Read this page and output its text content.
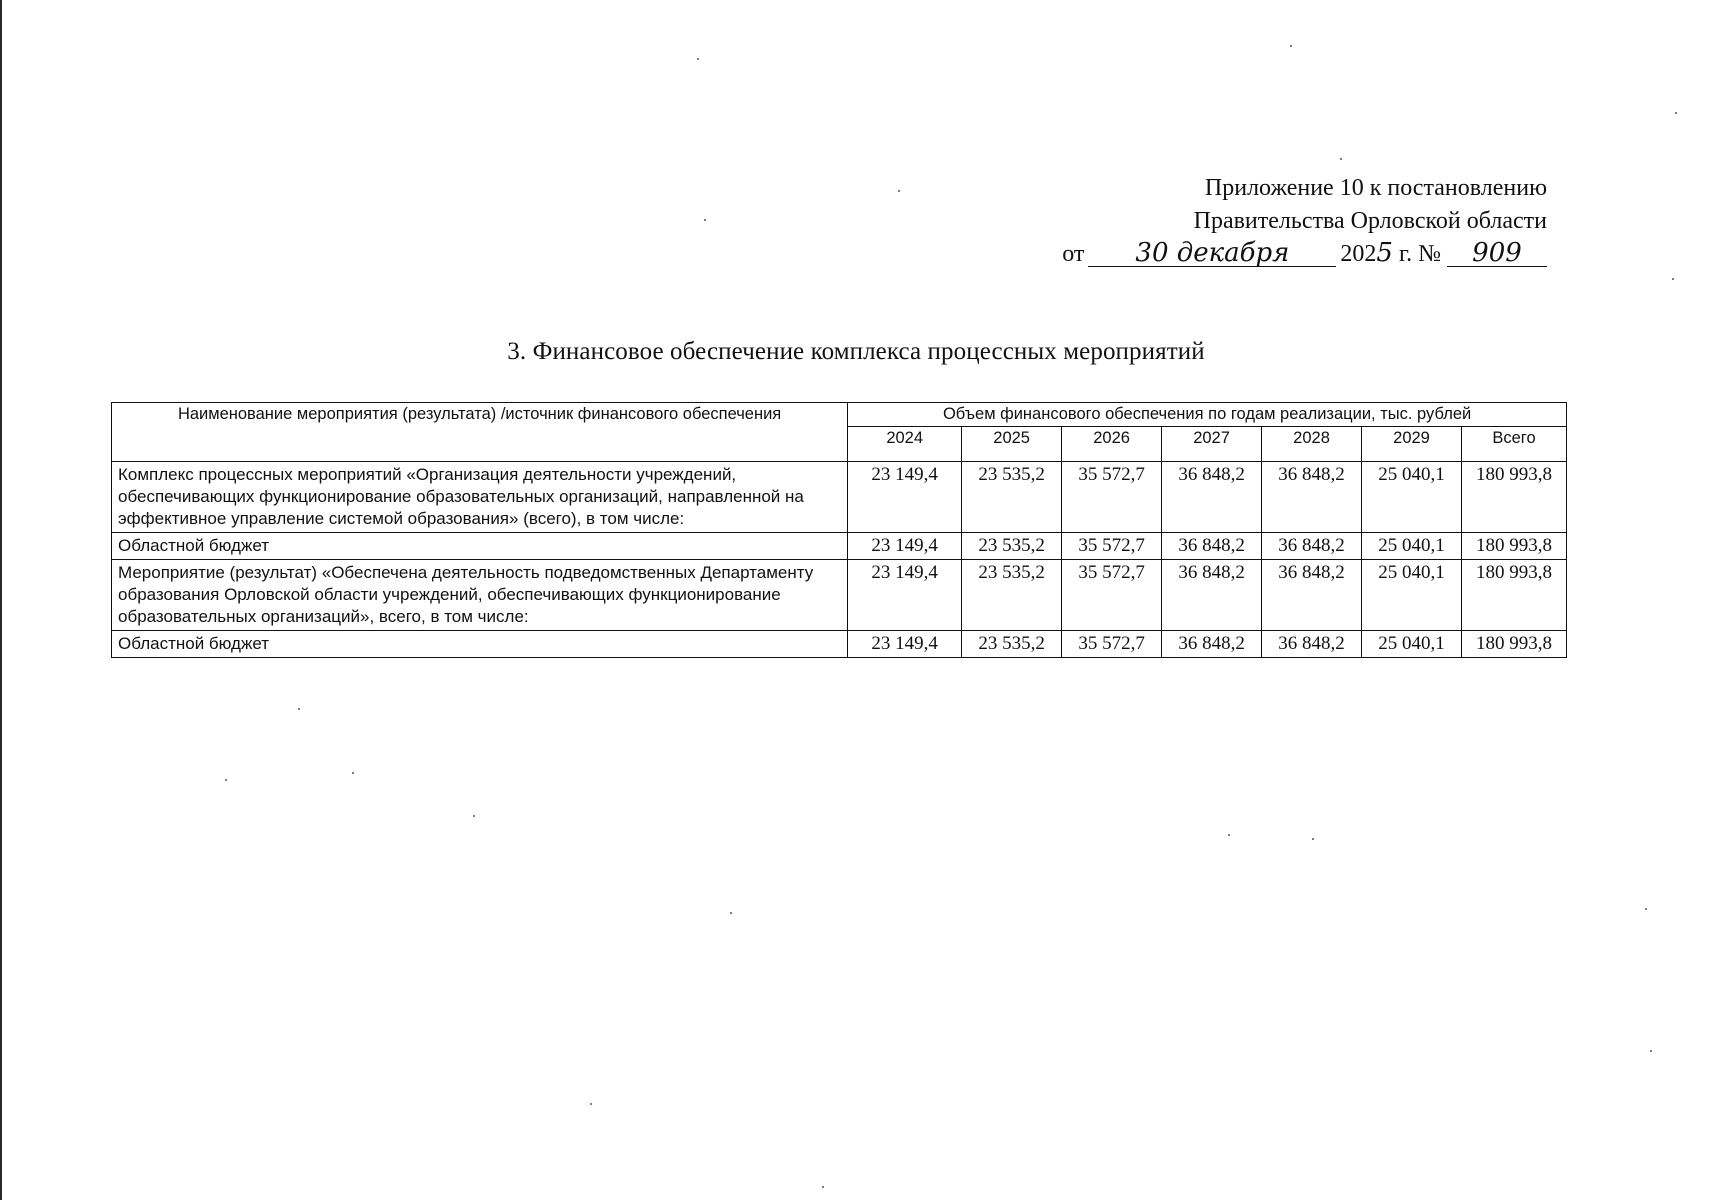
Приложение 10 к постановлению
Правительства Орловской области
от 30 декабря 2025 г. № 909
3. Финансовое обеспечение комплекса процессных мероприятий
Наименование мероприятия (результата) /источник финансового обеспечения	Объем финансового обеспечения по годам реализации, тыс. рублей						
	2024	2025	2026	2027	2028	2029	Всего
Комплекс процессных мероприятий «Организация деятельности учреждений, обеспечивающих функционирование образовательных организаций, направленной на эффективное управление системой образования» (всего), в том числе:	23 149,4	23 535,2	35 572,7	36 848,2	36 848,2	25 040,1	180 993,8
Областной бюджет	23 149,4	23 535,2	35 572,7	36 848,2	36 848,2	25 040,1	180 993,8
Мероприятие (результат) «Обеспечена деятельность подведомственных Департаменту образования Орловской области учреждений, обеспечивающих функционирование образовательных организаций», всего, в том числе:	23 149,4	23 535,2	35 572,7	36 848,2	36 848,2	25 040,1	180 993,8
Областной бюджет	23 149,4	23 535,2	35 572,7	36 848,2	36 848,2	25 040,1	180 993,8
